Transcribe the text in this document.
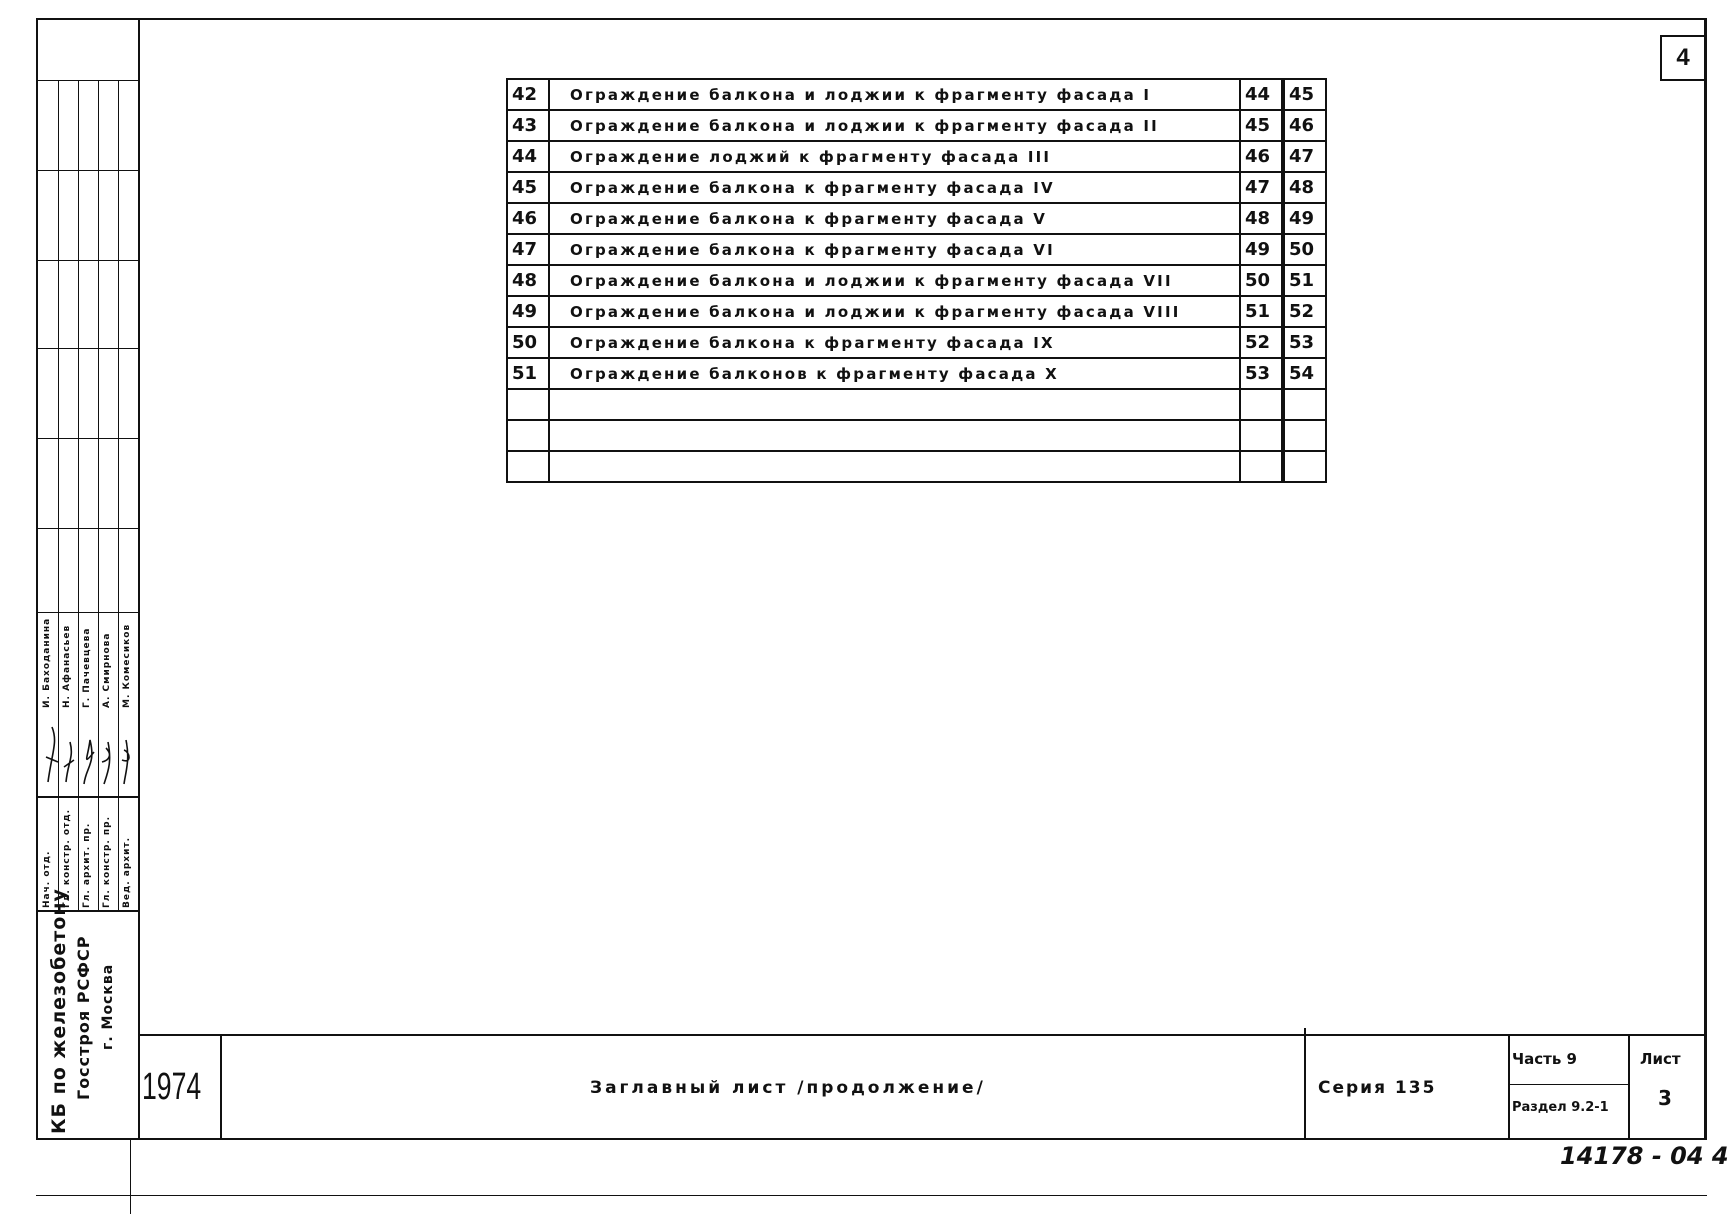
4
42	Ограждение балкона и лоджии к фрагменту фасада I	44		45
43	Ограждение балкона и лоджии к фрагменту фасада II	45		46
44	Ограждение лоджий к фрагменту фасада III	46		47
45	Ограждение балкона к фрагменту фасада IV	47		48
46	Ограждение балкона к фрагменту фасада V	48		49
47	Ограждение балкона к фрагменту фасада VI	49		50
48	Ограждение балкона и лоджии к фрагменту фасада VII	50		51
49	Ограждение балкона и лоджии к фрагменту фасада VIII	51		52
50	Ограждение балкона к фрагменту фасада IX	52		53
51	Ограждение балконов к фрагменту фасада X	53		54

Нач. отд. Гл. констр. отд. Гл. архит. пр. Гл. констр. пр. Вед. архит.
И. Баходанина Н. Афанасьев Г. Пачевцева А. Смирнова М. Комесиков
КБ по железобетону Госстроя РСФСР г. Москва
1974	Заглавный лист /продолжение/	Серия 135
Часть 9
Раздел 9.2-1
Лист
3
14178 - 04 4
